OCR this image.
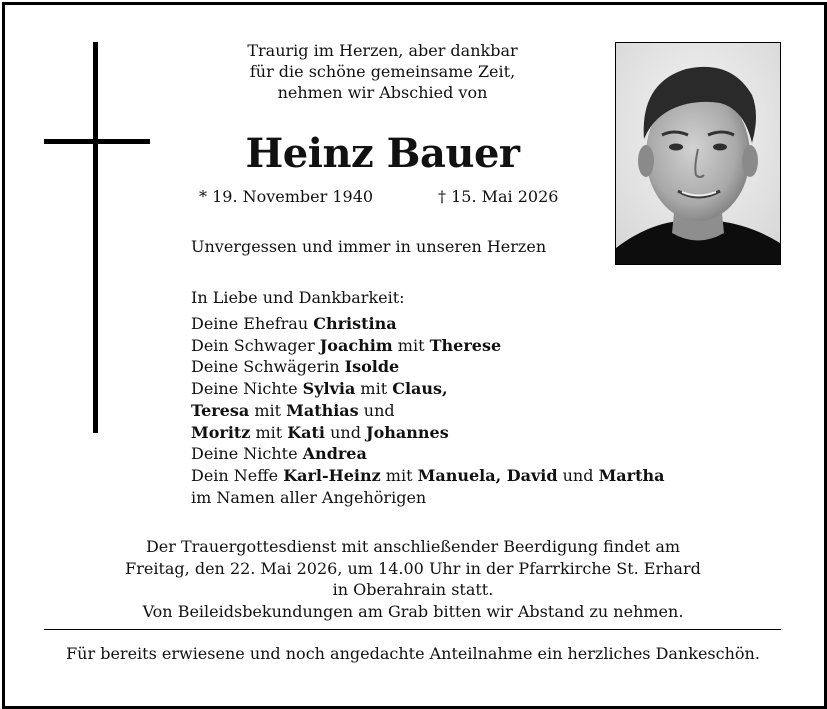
Traurig im Herzen, aber dankbar
für die schöne gemeinsame Zeit,
nehmen wir Abschied von
Heinz Bauer
* 19. November 1940	† 15. Mai 2026
Unvergessen und immer in unseren Herzen
In Liebe und Dankbarkeit:
Deine Ehefrau Christina
Dein Schwager Joachim mit Therese
Deine Schwägerin Isolde
Deine Nichte Sylvia mit Claus,
Teresa mit Mathias und
Moritz mit Kati und Johannes
Deine Nichte Andrea
Dein Neffe Karl-Heinz mit Manuela, David und Martha
im Namen aller Angehörigen
Der Trauergottesdienst mit anschließender Beerdigung findet am
Freitag, den 22. Mai 2026, um 14.00 Uhr in der Pfarrkirche St. Erhard
in Oberahrain statt.
Von Beileidsbekundungen am Grab bitten wir Abstand zu nehmen.
Für bereits erwiesene und noch angedachte Anteilnahme ein herzliches Dankeschön.
